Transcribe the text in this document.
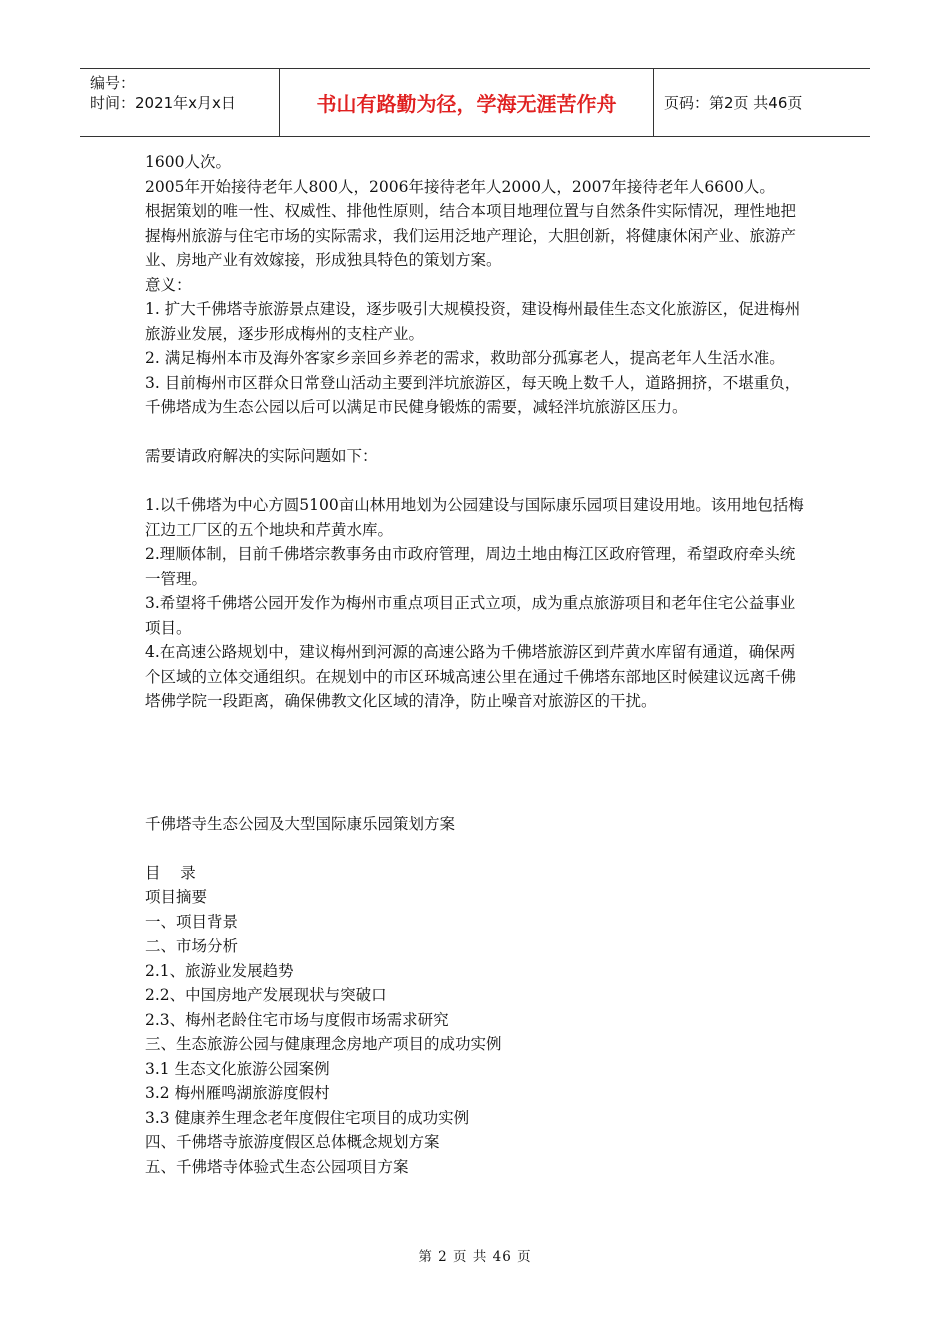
编号：
时间：2021年x月x日	书山有路勤为径，学海无涯苦作舟	页码：第2页 共46页

1600人次。

2005年开始接待老年人800人，2006年接待老年人2000人，2007年接待老年人6600人。

根据策划的唯一性、权威性、排他性原则，结合本项目地理位置与自然条件实际情况，理性地把握梅州旅游与住宅市场的实际需求，我们运用泛地产理论，大胆创新，将健康休闲产业、旅游产业、房地产业有效嫁接，形成独具特色的策划方案。

意义：

1. 扩大千佛塔寺旅游景点建设，逐步吸引大规模投资，建设梅州最佳生态文化旅游区，促进梅州旅游业发展，逐步形成梅州的支柱产业。

2. 满足梅州本市及海外客家乡亲回乡养老的需求，救助部分孤寡老人，提高老年人生活水准。

3. 目前梅州市区群众日常登山活动主要到泮坑旅游区，每天晚上数千人，道路拥挤，不堪重负，千佛塔成为生态公园以后可以满足市民健身锻炼的需要，减轻泮坑旅游区压力。

需要请政府解决的实际问题如下：

1.以千佛塔为中心方圆5100亩山林用地划为公园建设与国际康乐园项目建设用地。该用地包括梅江边工厂区的五个地块和芹黄水库。

2.理顺体制，目前千佛塔宗教事务由市政府管理，周边土地由梅江区政府管理，希望政府牵头统一管理。

3.希望将千佛塔公园开发作为梅州市重点项目正式立项，成为重点旅游项目和老年住宅公益事业项目。

4.在高速公路规划中，建议梅州到河源的高速公路为千佛塔旅游区到芹黄水库留有通道，确保两个区域的立体交通组织。在规划中的市区环城高速公里在通过千佛塔东部地区时候建议远离千佛塔佛学院一段距离，确保佛教文化区域的清净，防止噪音对旅游区的干扰。

千佛塔寺生态公园及大型国际康乐园策划方案

目    录

项目摘要

一、项目背景

二、市场分析

2.1、旅游业发展趋势

2.2、中国房地产发展现状与突破口

2.3、梅州老龄住宅市场与度假市场需求研究

三、生态旅游公园与健康理念房地产项目的成功实例

3.1 生态文化旅游公园案例

3.2 梅州雁鸣湖旅游度假村

3.3 健康养生理念老年度假住宅项目的成功实例

四、千佛塔寺旅游度假区总体概念规划方案

五、千佛塔寺体验式生态公园项目方案

第 2 页 共 46 页
